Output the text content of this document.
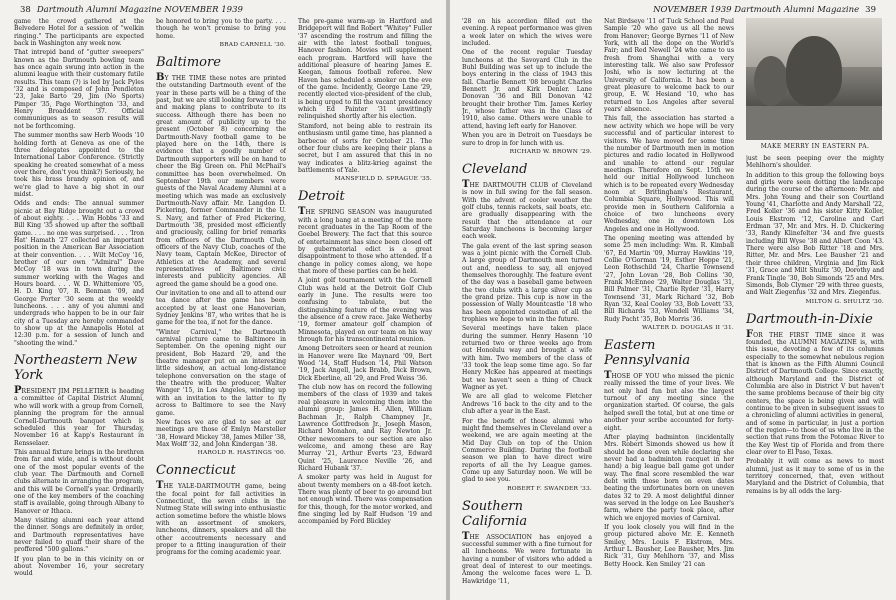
38 Dartmouth Alumni Magazine NOVEMBER 1939

game the crowd gathered at the Belvedere Hotel for a session of "welkin ringing." The participants are expected back in Washington any week now.

That intrepid band of "gutter sweepers" known as the Dartmouth bowling team has once again swung into action in the alumni league with their customary futile results. This team (?) is led by Jack Pyles '32 and is composed of John Pendleton '23, Jake Barto '29, Jim (No Sports) Pimper '35, Page Worthington '33, and Henry Broaddent '37. Official communiques as to season results will not be forthcoming.

The summer months saw Herb Woods '10 holding forth at Geneva as one of the three delegates appointed to the International Labor Conference. (Strictly speaking he created somewhat of a mess over there, don't you think?) Seriously, he took his brass brandy opinion of, and we're glad to have a big shot in our midst.

Odds and ends: The annual summer picnic at Bay Ridge brought out a crowd of about eighty. . . . Win Hobbs '33 and Bill King '35 showed up after the softball game. . . . no one was surprised. . . . 'Iron Hat' Hamath '27 collected an important position in the American Bar Association at their convention. . . . Wilt McCoy '16, brother of our own "Admiral" Dave McCoy '18 was in town during the summer working with the Wages and Hours board. . . . W. D. Whittemore '05, H. D. King '07, R. Benman '09, and George Porter '30 seem at the weekly luncheons. . . . any of you alumni and undergrads who happen to be in our fair city of a Tuesday are hereby commanded to show up at the Annapolis Hotel at 12:30 p.m. for a session of lunch and "shooting the wind."

Northeastern New York

PRESIDENT JIM PELLETIER is heading a committee of Capital District Alumni, who will work with a group from Cornell, planning the program for the annual Cornell-Dartmouth banquet which is scheduled this year for Thursday, November 16 at Kapp's Restaurant in Rensselaer.

This annual fixture brings in the brethren from far and wide, and is without doubt one of the most popular events of the club year. The Dartmouth and Cornell clubs alternate in arranging the program, and this will be Cornell's year. Ordinarily one of the key members of the coaching staff is available, going through Albany to Hanover or Ithaca.

Many visiting alumni each year attend the dinner. Songs are definitely in order, and Dartmouth representatives have never failed to quaff their share of the proffered "500 gallons."

If you plan to be in this vicinity on or about November 16, your secretary would

be honored to bring you to the party. . . . though he won't promise to bring you home.

BRAD CARNELL '30.
Baltimore

BY THE TIME these notes are printed the outstanding Dartmouth event of the year in these parts will be a thing of the past, but we are still looking forward to it and making plans to contribute to its success. Although there has been no great amount of publicity up to the present (October 8) concerning the Dartmouth-Navy football game to be played here on the 14th, there is evidence that a goodly number of Dartmouth supporters will be on hand to cheer the Big Green on. Phil McPhail's committee has been overwhelmed. On September 19th our members were guests of the Naval Academy Alumni at a meeting which was made an exclusively Dartmouth-Navy affair. Mr. Langdon D. Pickering, former Commander in the U. S. Navy, and father of Fred Pickering, Dartmouth '38, presided most efficiently and graciously, calling for brief remarks from officers of the Dartmouth Club, officers of the Navy Club, coaches of the Navy team, Captain McKee, Director of Athletics at the Academy, and several representatives of Baltimore civic interests and publicity agencies. All agreed the game should be a good one.

Our invitation to one and all to attend our tea dance after the game has been accepted by at least one Hanoverian, Sydney Jenkins '87, who writes that he is game for the tea, if not for the dance.

"Winter Carnival," the Dartmouth carnival picture came to Baltimore in September. On the opening night our president, Bob Hazard '29, and the theatre manager put on an interesting little sideshow, an actual long-distance telephone conversation on the stage of the theatre with the producer, Walter Wanger '15, in Los Angeles, winding up with an invitation to the latter to fly across to Baltimore to see the Navy game.

New faces we are glad to see at our meetings are those of Emlyn Marsteller '38, Howard Mickey '38, James Miller '38, Max Wolff '32, and John Kindergan '38.

HAROLD R. HASTINGS '00.
Connecticut

THE YALE-DARTMOUTH game, being the focal point for fall activities in Connecticut, the seven clubs in the Nutmeg State will swing into enthusiastic action sometime before the whistle blows with an assortment of smokers, luncheons, dinners, speakers and all the other accoutrements necessary and proper to a fitting inauguration of their programs for the coming academic year.

The pre-game warm-up in Hartford and Bridgeport will find Robert "Whitey" Fuller '37 ascending the rostrum and filling the air with the latest football tongues, Hanover fashion. Movies will supplement each program. Hartford will have the additional pleasure of hearing James E. Keegan, famous football referee. New Haven has scheduled a smoker on the eve of the game. Incidently, George Lane '29, recently elected vice-president of the club, is being urged to fill the vacant presidency which Ed Painter '31 unwittingly relinquished shortly after his election.

Stamford, not being able to restrain its enthusiasm until game time, has planned a barbecue of sorts for October 21. The other four clubs are keeping their plans a secret, but I am assured that this in no way indicates a blitz-krieg against the battlements of Yale.

MANSFIELD D. SPRAGUE '35.
Detroit

THE SPRING SEASON was inaugurated with a long bang at a meeting of the more recent graduates in the Tap Room of the Goebel Brewery. The fact that this source of entertainment has since been closed off by gubernatorial edict is a great disappointment to those who attended. If a change in policy comes along, we hope that more of these parties can be held.

A joint golf tournament with the Cornell Club was held at the Detroit Golf Club early in June. The results were too confusing to tabulate, but the distinguishing feature of the evening was the absence of a crew race. Jake Wetherby '19, former amateur golf champion of Minnesota, played on our team on his way through for his transcontinental reunion.

Among Detroiters seen or heard at reunion in Hanover were Ike Maynard '09, Bert Wood '14, Staff Hudson '14, Phil Watson '19, Jack Angell, Jack Brabb, Dick Brown, Dick Eberline, all '29, and Fred Weiss '36.

The club now has on record the following members of the class of 1939 and takes real pleasure in welcoming them into the alumni group: James H. Allen, William Bachman Jr., Ralph Champney Jr., Lawrence Gottfredson Jr., Joseph Mason, Richard Monahon, and Ray Newton Jr. Other newcomers to our section are also welcome, and among these are Ray Murray '21, Arthur Everts '23, Edward Quint '25, Laurence Neville '26, and Richard Hubank '37.

A smoker party was held in August for about twenty members on a 48-foot ketch. There was plenty of beer to go around but not enough wind. There was compensation for this, though, for the motor worked, and fine singing led by Ralf Hudson '19 and accompanied by Ford Blickley

NOVEMBER 1939 Dartmouth Alumni Magazine 39

'28 on his accordion filled out the evening. A repeat performance was given a week later on which the wives were included.

One of the recent regular Tuesday luncheons at the Savoyard Club in the Buhl Building was set up to include the boys entering in the class of 1943 this fall. Charlie Bennett '08 brought Charles Bennett Jr. and Kirk Denler. Lane Donovan '36 and Bill Donovan '42 brought their brother Tim. James Kerley Jr., whose father was in the Class of 1910, also came. Others were unable to attend, having left early for Hanover.

When you are in Detroit on Tuesdays be sure to drop in for lunch with us.

RICHARD W. BROWN '29.
Cleveland

THE DARTMOUTH CLUB of Cleveland is now in full swing for the fall season. With the advent of cooler weather the golf clubs, tennis rackets, sail boats, etc. are gradually disappearing with the result that the attendance at our Saturday luncheons is becoming larger each week.

The gala event of the last spring season was a joint picnic with the Cornell Club. A large group of Dartmouth men turned out and, needless to say, all enjoyed themselves thoroughly. The feature event of the day was a baseball game between the two clubs with a large silver cup as the grand prize. This cup is now in the possession of Wally Mountcastle '18 who has been appointed custodian of all the trophies we hope to win in the future.

Several meetings have taken place during the summer. Henry Hasenn '10 returned two or three weeks ago from out Honolulu way and brought a wife with him. Two members of the class of '33 took the leap some time ago. So far Henry McKee has appeared at meetings but we haven't seen a thing of Chuck Wagner as yet.

We are all glad to welcome Fletcher Andrews '16 back to the city and to the club after a year in the East.

For the benefit of those alumni who might find themselves in Cleveland over a weekend, we are again meeting at the Mid Day Club on top of the Union Commerce Building. During the football season we plan to have direct wire reports of all the Ivy League games. Come up any Saturday noon. We will be glad to see you.

ROBERT F. SWANDER '33.
Southern California

THE ASSOCIATION has enjoyed a successful summer with a fine turnout for all luncheons. We were fortunate in having a number of visitors who added a great deal of interest to our meetings. Among the welcome faces were L. D. Hawkridge '11,

Nat Birdseye '11 of Tuck School and Paul Sample '20 who gave us all the news from Hanover; George Byrnes '11 of New York, with all the dope on the World's Fair; and Red Newell '24 who came to us fresh from Shanghai with a very interesting talk. We also saw Professor Joshi, who is now lecturing at the University of California. It has been a great pleasure to welcome back to our group, E. W. Hesiand '10, who has returned to Los Angeles after several years' absence.

This fall, the association has started a new activity which we hope will be very successful and of particular interest to visitors. We have moved for some time the number of Dartmouth men in motion pictures and radio located in Hollywood and unable to attend our regular meetings. Therefore on Sept. 15th we held our initial Hollywood luncheon which is to be repeated every Wednesday noon at Brittingham's Restaurant, Columbia Square, Hollywood. This will provide men in Southern California a choice of two luncheons every Wednesday, one in downtown Los Angeles and one in Hollywood.

The opening meeting was attended by some 25 men including: Wm. R. Kimball '67, Ed Martin '09, Murray Hawkins '19, Collie O'Gorman '19, Esther Hoppe '21, Leon Rothschild '24, Charlie Townsend '27, John Lovan '28, Bob Collins '30, Frank McEnnee '29, Walter Douglas '31, Bill Palmer '31, Charlie Ryder '31, Harry Townsend '31, Mark Richard '32, Bob Ryan '32, Keal Cooley '33, Bob Lovett '33, Bill Richards '33, Wendell Williams '34, Rudy Pacht '35, Bob Morris '36.

WALTER D. DOUGLAS II '31.
Eastern Pennsylvania

THOSE OF YOU who missed the picnic really missed the time of your lives. We not only had fun but also the largest turnout of any meeting since the organization started. Of course, the gals helped swell the total, but at one time or another your scribe accounted for forty-eight.

After playing badminton (incidentally Mrs. Robert Simonds showed us how it should be done even while declaring she never had a badminton racquet in her hand) a big league ball game got under way. The final score resembled the war debt with those born on even dates beating the unfortunates born on uneven dates 32 to 29. A most delightful dinner was served in the lodge on Lee Bausher's farm, where the party took place, after which we enjoyed movies of Carnival.

If you look closely you will find in the group pictured above Mr. E. Kenneth Smiley, Mrs. Louis F. Ekstrom, Mrs. Arthur L. Bausher, Lee Bausher, Mrs. Jim Rick '31, Guy Mehlhorn '37, and Miss Betty Hoock. Ken Smiley '21 can

MAKE MERRY IN EASTERN PA.

just be seen peeping over the mighty Mehlhorn's shoulder.

In addition to this group the following boys and girls were seen dotting the landscape during the course of the afternoon: Mr. and Mrs. John Young and their son Courtland Young '41, Charlotte and Andy Marshall '22, Fred Koller '36 and his sister Kitty Koller, Louis Ekstrom '12, Caroline and Carl Erdman '37, Mr. and Mrs. H. D. Chickering '33, Randy Klinefelter '34 and five guests including Bill Wyse '38 and Albert Coon '43. There were also Bob Ritter '18 and Mrs. Ritter, Mr. and Mrs. Lee Bausher '21 and their three children, Virginia and Jim Rick '31, Grace and Milt Shultz '30, Dorothy and Frank Tingle '30, Bob Simonds '25 and Mrs. Simonds, Bob Clymer '29 with three guests, and Walt Ziegenfus '32 and Mrs. Ziegenfus.

MILTON G. SHULTZ '30.
Dartmouth-in-Dixie

FOR THE FIRST TIME since it was founded, the ALUMNI MAGAZINE is, with this issue, devoting a few of its columns especially to the somewhat nebulous region that is known as the Fifth Alumni Council District of Dartmouth College. Since exactly, although Maryland and the District of Columbia are also in District V but haven't the same problems because of their big city centers, the space is being given and will continue to be given in subsequent issues to a chronicling of alumni activities in general, and of some in particular, in just a portion of the region—to those of us who live in the section that runs from the Potomac River to the Key West tip of Florida and from there clear over to El Paso, Texas.

Probably it will come as news to most alumni, just as it may to some of us in the territory concerned, that, even without Maryland and the District of Columbia, that remains is by all odds the larg-
